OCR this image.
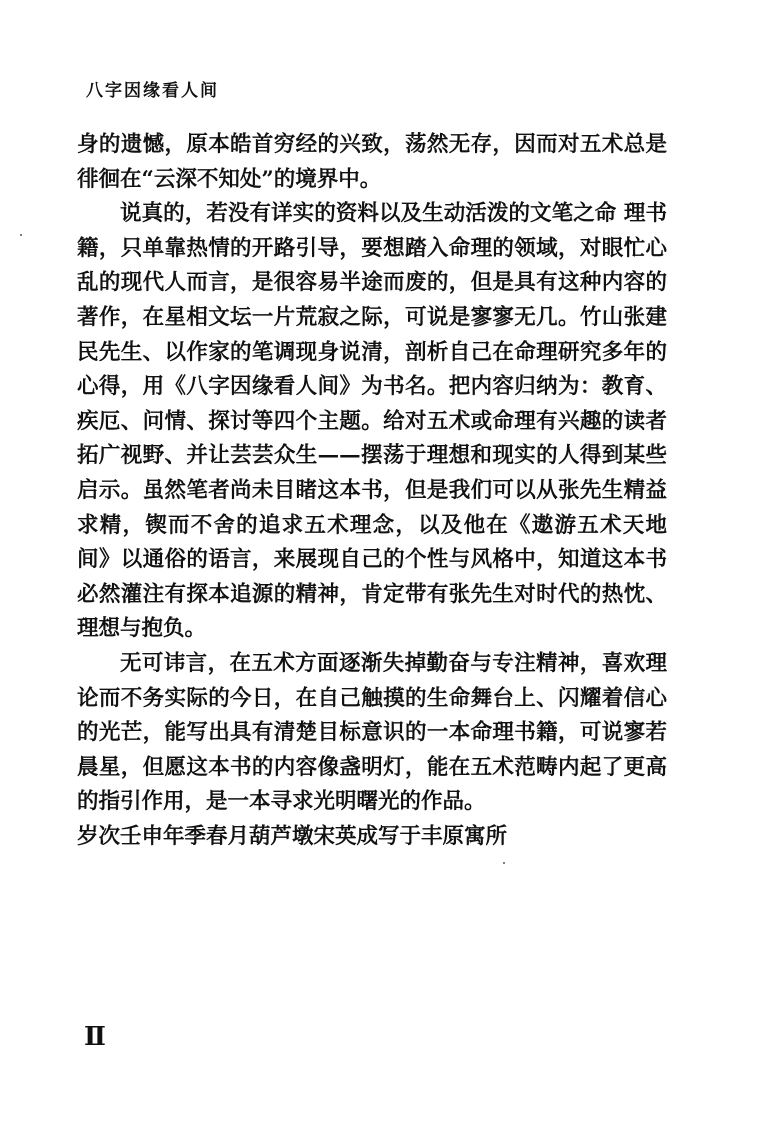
八字因缘看人间

身的遗憾，原本皓首穷经的兴致，荡然无存，因而对五术总是徘徊在“云深不知处”的境界中。

说真的，若没有详实的资料以及生动活泼的文笔之命 理书籍，只单靠热情的开路引导，要想踏入命理的领域，对眼忙心乱的现代人而言，是很容易半途而废的，但是具有这种内容的著作，在星相文坛一片荒寂之际，可说是寥寥无几。竹山张建民先生、以作家的笔调现身说清，剖析自己在命理研究多年的心得，用《八字因缘看人间》为书名。把内容归纳为：教育、疾厄、问情、探讨等四个主题。给对五术或命理有兴趣的读者拓广视野、并让芸芸众生——摆荡于理想和现实的人得到某些启示。虽然笔者尚未目睹这本书，但是我们可以从张先生精益求精，锲而不舍的追求五术理念，以及他在《遨游五术天地间》以通俗的语言，来展现自己的个性与风格中，知道这本书必然灌注有探本追源的精神，肯定带有张先生对时代的热忱、理想与抱负。

无可讳言，在五术方面逐渐失掉勤奋与专注精神，喜欢理论而不务实际的今日，在自己触摸的生命舞台上、闪耀着信心的光芒，能写出具有清楚目标意识的一本命理书籍，可说寥若晨星，但愿这本书的内容像盏明灯，能在五术范畴内起了更高的指引作用，是一本寻求光明曙光的作品。

岁次壬申年季春月葫芦墩宋英成写于丰原寓所

Ⅱ
